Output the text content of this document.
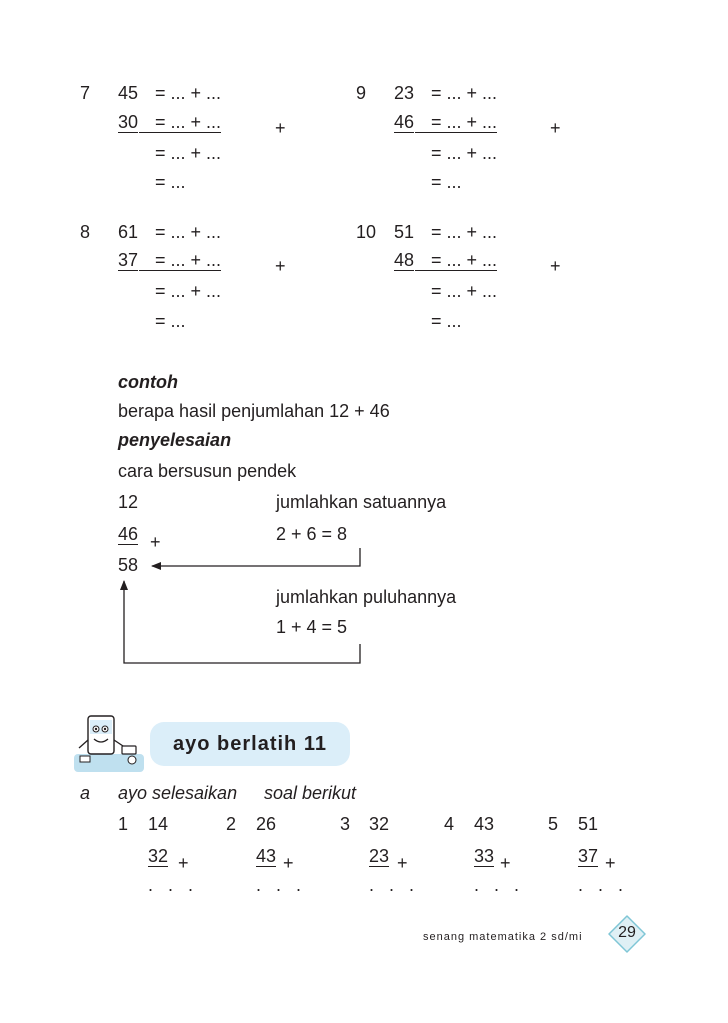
7 45 = ... + ...
30 = ... + ...	+
= ... + ...
= ...
9 23 = ... + ...
46 = ... + ...	+
= ... + ...
= ...
8 61 = ... + ...
37 = ... + ...	+
= ... + ...
= ...
10 51 = ... + ...
48 = ... + ...	+
= ... + ...
= ...
contoh
berapa hasil penjumlahan 12 + 46
penyelesaian
cara bersusun pendek
12	jumlahkan satuannya
46 +	2 + 6 = 8
58
jumlahkan puluhannya
1 + 4 = 5
ayo berlatih 11
a ayo selesaikan soal berikut
1 14
32 +
. . .
2 26
43 +
. . .
3 32
23 +
. . .
4 43
33 +
. . .
5 51
37 +
. . .
senang matematika 2 sd/mi	29
